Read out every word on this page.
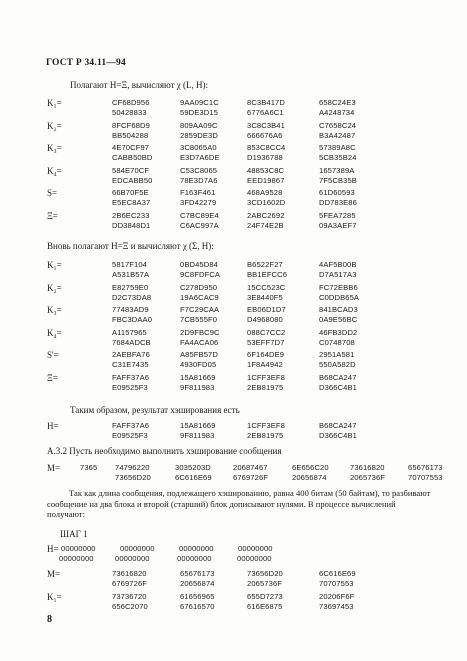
ГОСТ Р 34.11—94
Полагают H=Ξ, вычисляют χ (L, H):
K₁=	CF68D956	9AA09C1C	8C3B417D	658C24E3
50428833	59DE3D15	6776A6C1	A4248734
K₂=	8FCF68D9	809AA09C	3C8C3B41	C7658C24
BB504288	2859DE3D	666676A6	B3A42487
K₃=	4E70CF97	3C8065A0	853C8CC4	57389A8C
CABB50BD	E3D7A6DE	D1936788	5CB35B24
K₄=	584E70CF	C53C8065	48853C8C	1657389A
EDCABB50	78E3D7A6	EED19867	7F5CB35B
S=	66B70F5E	F163F461	468A9528	61D60593
E5EC8A37	3FD42279	3CD1602D	DD783E86
Ξ=	2B6EC233	C7BC89E4	2ABC2692	5FEA7285
DD3848D1	C6AC997A	24F74E2B	09A3AEF7
Вновь полагают H=Ξ и вычисляют χ (Σ, H):
K₁=	5817F104	0BD45D84	B6522F27	4AF5B00B
A531B57A	9C8FDFCA	BB1EFCC6	D7A517A3
K₂=	E82759E0	C278D950	15CC523C	FC72EBB6
D2C73DA8	19A6CAC9	3E8440F5	C0DDB65A
K₃=	77483AD9	F7C29CAA	EB06D1D7	841BCAD3
FBC3DAA0	7CB555F0	D4968080	0A9E56BC
K₄=	A1157965	2D9FBC9C	088C7CC2	46FB3DD2
7684ADCB	FA4ACA06	53EFF7D7	C0748708
S'=	2AEBFA76	A85FB57D	6F164DE9	2951A581
C31E7435	4930FD05	1F8A4942	550A582D
Ξ=	FAFF37A6	15A81669	1CFF3EF8	B68CA247
E09525F3	9F811983	2EB81975	D366C4B1
Таким образом, результат хэширования есть
H=	FAFF37A6	15A81669	1CFF3EF8	B68CA247
E09525F3	9F811983	2EB81975	D366C4B1
А.3.2 Пусть необходимо выполнить хэширование сообщения
M=	7365 74796220	3035203D	20687467	6E656C20	73616820	65676173
73656D20	6C616E69	6769726F	20656874	2065736F	70707553
Так как длина сообщения, подлежащего хэшированию, равна 400 битам (50 байтам), то разбивают сообщение на два блока и второй (старший) блок дописывают нулями. В процессе вычислений получают:
ШАГ 1
H= 00000000	00000000	00000000	00000000
00000000	00000000	00000000	00000000
M=	73616820	65676173	73656D20	6C616E69
6769726F	20656874	2065736F	70707553
K₁=	73736720	61656965	655D7273	20206F6F
656C2070	67616570	616E6875	73697453
8
